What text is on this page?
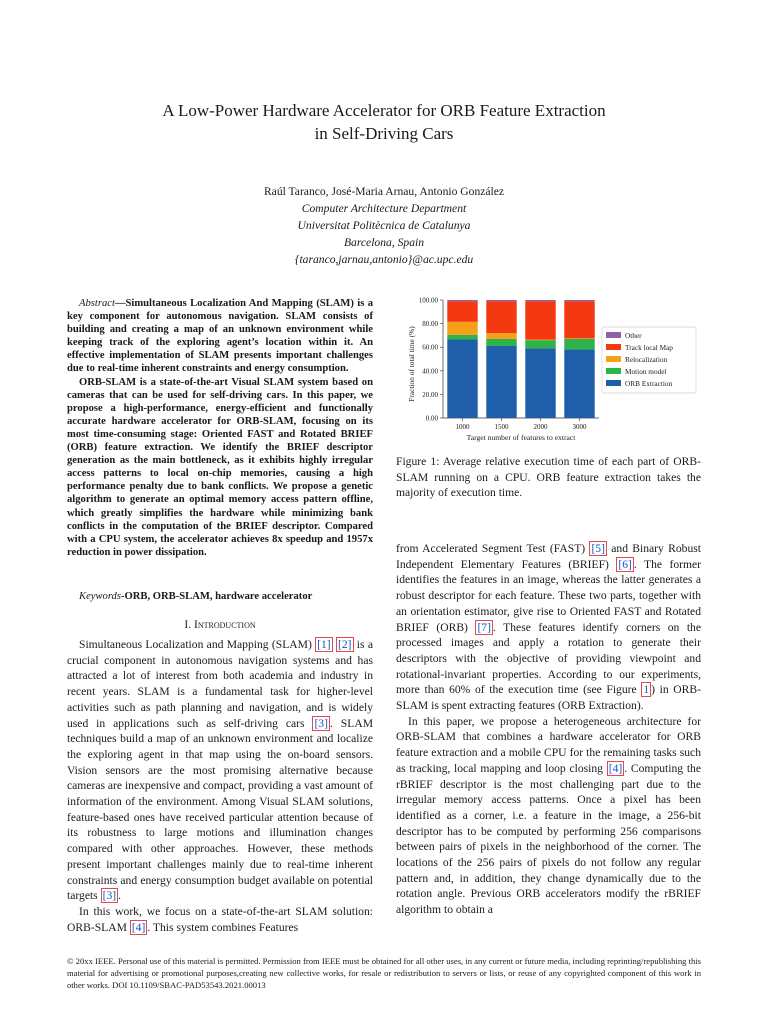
A Low-Power Hardware Accelerator for ORB Feature Extraction
in Self-Driving Cars
Raúl Taranco, José-Maria Arnau, Antonio González
Computer Architecture Department
Universitat Politècnica de Catalunya
Barcelona, Spain
{taranco,jarnau,antonio}@ac.upc.edu

Abstract—Simultaneous Localization And Mapping (SLAM) is a key component for autonomous navigation. SLAM consists of building and creating a map of an unknown environment while keeping track of the exploring agent’s location within it. An effective implementation of SLAM presents important challenges due to real-time inherent constraints and energy consumption.

ORB-SLAM is a state-of-the-art Visual SLAM system based on cameras that can be used for self-driving cars. In this paper, we propose a high-performance, energy-efficient and functionally accurate hardware accelerator for ORB-SLAM, focusing on its most time-consuming stage: Oriented FAST and Rotated BRIEF (ORB) feature extraction. We identify the BRIEF descriptor generation as the main bottleneck, as it exhibits highly irregular access patterns to local on-chip memories, causing a high performance penalty due to bank conflicts. We propose a genetic algorithm to generate an optimal memory access pattern offline, which greatly simplifies the hardware while minimizing bank conflicts in the computation of the BRIEF descriptor. Compared with a CPU system, the accelerator achieves 8x speedup and 1957x reduction in power dissipation.

Keywords-ORB, ORB-SLAM, hardware accelerator
I. Introduction

Simultaneous Localization and Mapping (SLAM) [1] [2] is a crucial component in autonomous navigation systems and has attracted a lot of interest from both academia and industry in recent years. SLAM is a fundamental task for higher-level activities such as path planning and navigation, and is widely used in applications such as self-driving cars [3] . SLAM techniques build a map of an unknown environment and localize the exploring agent in that map using the on-board sensors. Vision sensors are the most promising alternative because cameras are inexpensive and compact, providing a vast amount of information of the environment. Among Visual SLAM solutions, feature-based ones have received particular attention because of its robustness to large motions and illumination changes compared with other approaches. However, these methods present important challenges mainly due to real-time inherent constraints and energy consumption budget available on potential targets [3] .

In this work, we focus on a state-of-the-art SLAM solution: ORB-SLAM [4] . This system combines Features

0.00
20.00
40.00
60.00
80.00
100.00
1000	1500	2000	3000
Other
Track local Map
Relocalization
Motion model
ORB Extraction
Fraction of total time (%)
Target number of features to extract
Figure 1: Average relative execution time of each part of ORB-SLAM running on a CPU. ORB feature extraction takes the majority of execution time.

from Accelerated Segment Test (FAST) [5] and Binary Robust Independent Elementary Features (BRIEF) [6] . The former identifies the features in an image, whereas the latter generates a robust descriptor for each feature. These two parts, together with an orientation estimator, give rise to Oriented FAST and Rotated BRIEF (ORB) [7] . These features identify corners on the processed images and apply a rotation to generate their descriptors with the objective of providing viewpoint and rotational-invariant properties. According to our experiments, more than 60% of the execution time (see Figure 1 ) in ORB-SLAM is spent extracting features (ORB Extraction).

In this paper, we propose a heterogeneous architecture for ORB-SLAM that combines a hardware accelerator for ORB feature extraction and a mobile CPU for the remaining tasks such as tracking, local mapping and loop closing [4] . Computing the rBRIEF descriptor is the most challenging part due to the irregular memory access patterns. Once a pixel has been identified as a corner, i.e. a feature in the image, a 256-bit descriptor has to be computed by performing 256 comparisons between pairs of pixels in the neighborhood of the corner. The locations of the 256 pairs of pixels do not follow any regular pattern and, in addition, they change dynamically due to the rotation angle. Previous ORB accelerators modify the rBRIEF algorithm to obtain a

© 20xx IEEE. Personal use of this material is permitted. Permission from IEEE must be obtained for all other uses, in any current or future media, including reprinting/republishing this material for advertising or promotional purposes,creating new collective works, for resale or redistribution to servers or lists, or reuse of any copyrighted component of this work in other works. DOI 10.1109/SBAC-PAD53543.2021.00013
